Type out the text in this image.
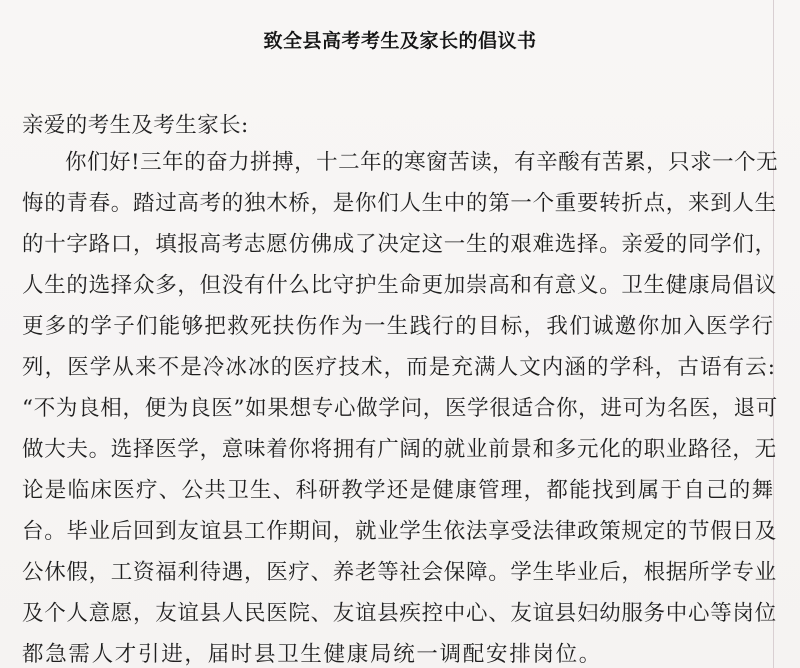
致全县高考考生及家长的倡议书
亲爱的考生及考生家长:
你们好!三年的奋力拼搏，十二年的寒窗苦读，有辛酸有苦累，只求一个无
悔的青春。踏过高考的独木桥，是你们人生中的第一个重要转折点，来到人生
的十字路口，填报高考志愿仿佛成了决定这一生的艰难选择。亲爱的同学们，
人生的选择众多，但没有什么比守护生命更加崇高和有意义。卫生健康局倡议
更多的学子们能够把救死扶伤作为一生践行的目标，我们诚邀你加入医学行
列，医学从来不是冷冰冰的医疗技术，而是充满人文内涵的学科，古语有云:
“不为良相，便为良医”如果想专心做学问，医学很适合你，进可为名医，退可
做大夫。选择医学，意味着你将拥有广阔的就业前景和多元化的职业路径，无
论是临床医疗、公共卫生、科研教学还是健康管理，都能找到属于自己的舞
台。毕业后回到友谊县工作期间，就业学生依法享受法律政策规定的节假日及
公休假，工资福利待遇，医疗、养老等社会保障。学生毕业后，根据所学专业
及个人意愿，友谊县人民医院、友谊县疾控中心、友谊县妇幼服务中心等岗位
都急需人才引进，届时县卫生健康局统一调配安排岗位。
